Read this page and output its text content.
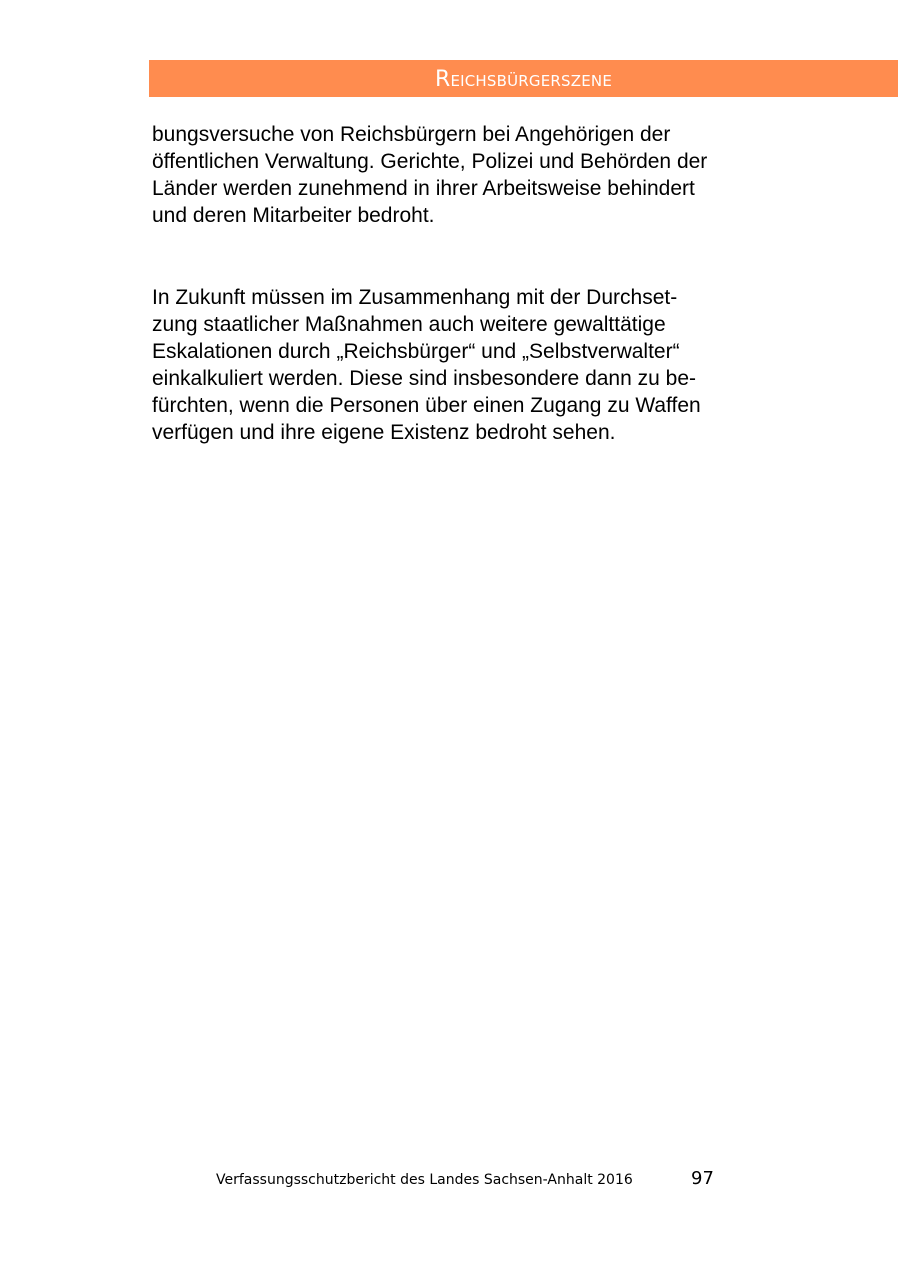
Reichsbürgerszene

bungsversuche von Reichsbürgern bei Angehörigen der
öffentlichen Verwaltung. Gerichte, Polizei und Behörden der
Länder werden zunehmend in ihrer Arbeitsweise behindert
und deren Mitarbeiter bedroht.

In Zukunft müssen im Zusammenhang mit der Durchset-
zung staatlicher Maßnahmen auch weitere gewalttätige
Eskalationen durch „Reichsbürger“ und „Selbstverwalter“
einkalkuliert werden. Diese sind insbesondere dann zu be-
fürchten, wenn die Personen über einen Zugang zu Waffen
verfügen und ihre eigene Existenz bedroht sehen.

Verfassungsschutzbericht des Landes Sachsen-Anhalt 2016	97
